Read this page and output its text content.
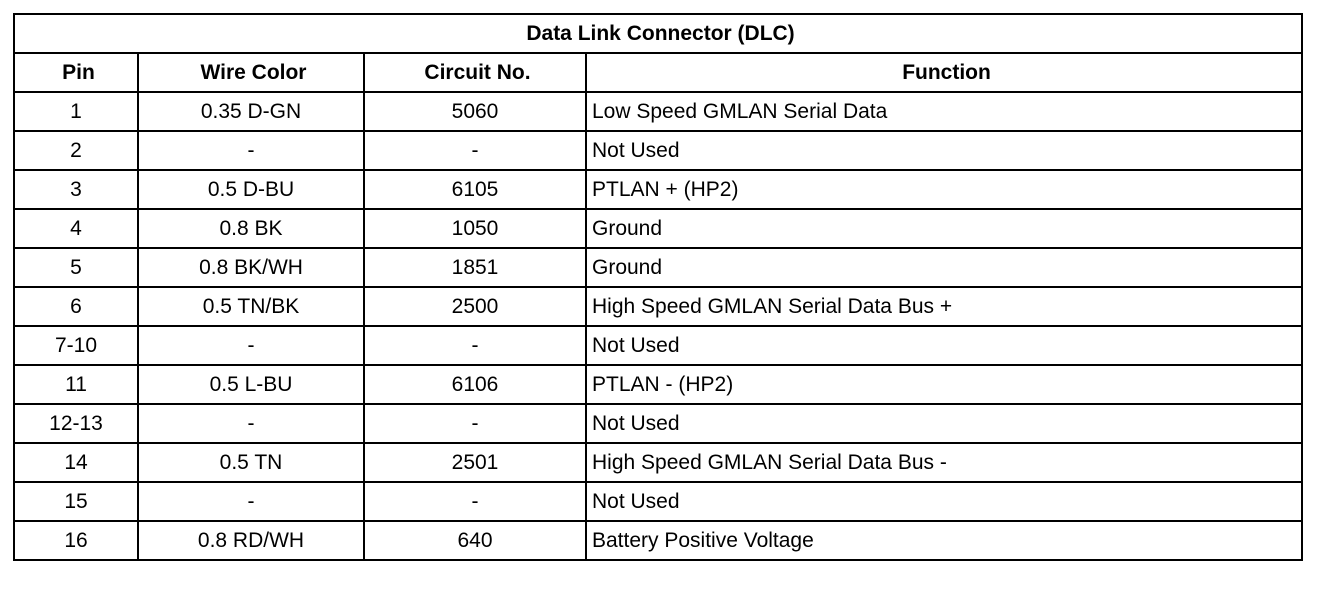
Data Link Connector (DLC)			
Pin	Wire Color	Circuit No.	Function
1	0.35 D-GN	5060	Low Speed GMLAN Serial Data
2	-	-	Not Used
3	0.5 D-BU	6105	PTLAN + (HP2)
4	0.8 BK	1050	Ground
5	0.8 BK/WH	1851	Ground
6	0.5 TN/BK	2500	High Speed GMLAN Serial Data Bus +
7-10	-	-	Not Used
11	0.5 L-BU	6106	PTLAN - (HP2)
12-13	-	-	Not Used
14	0.5 TN	2501	High Speed GMLAN Serial Data Bus -
15	-	-	Not Used
16	0.8 RD/WH	640	Battery Positive Voltage
